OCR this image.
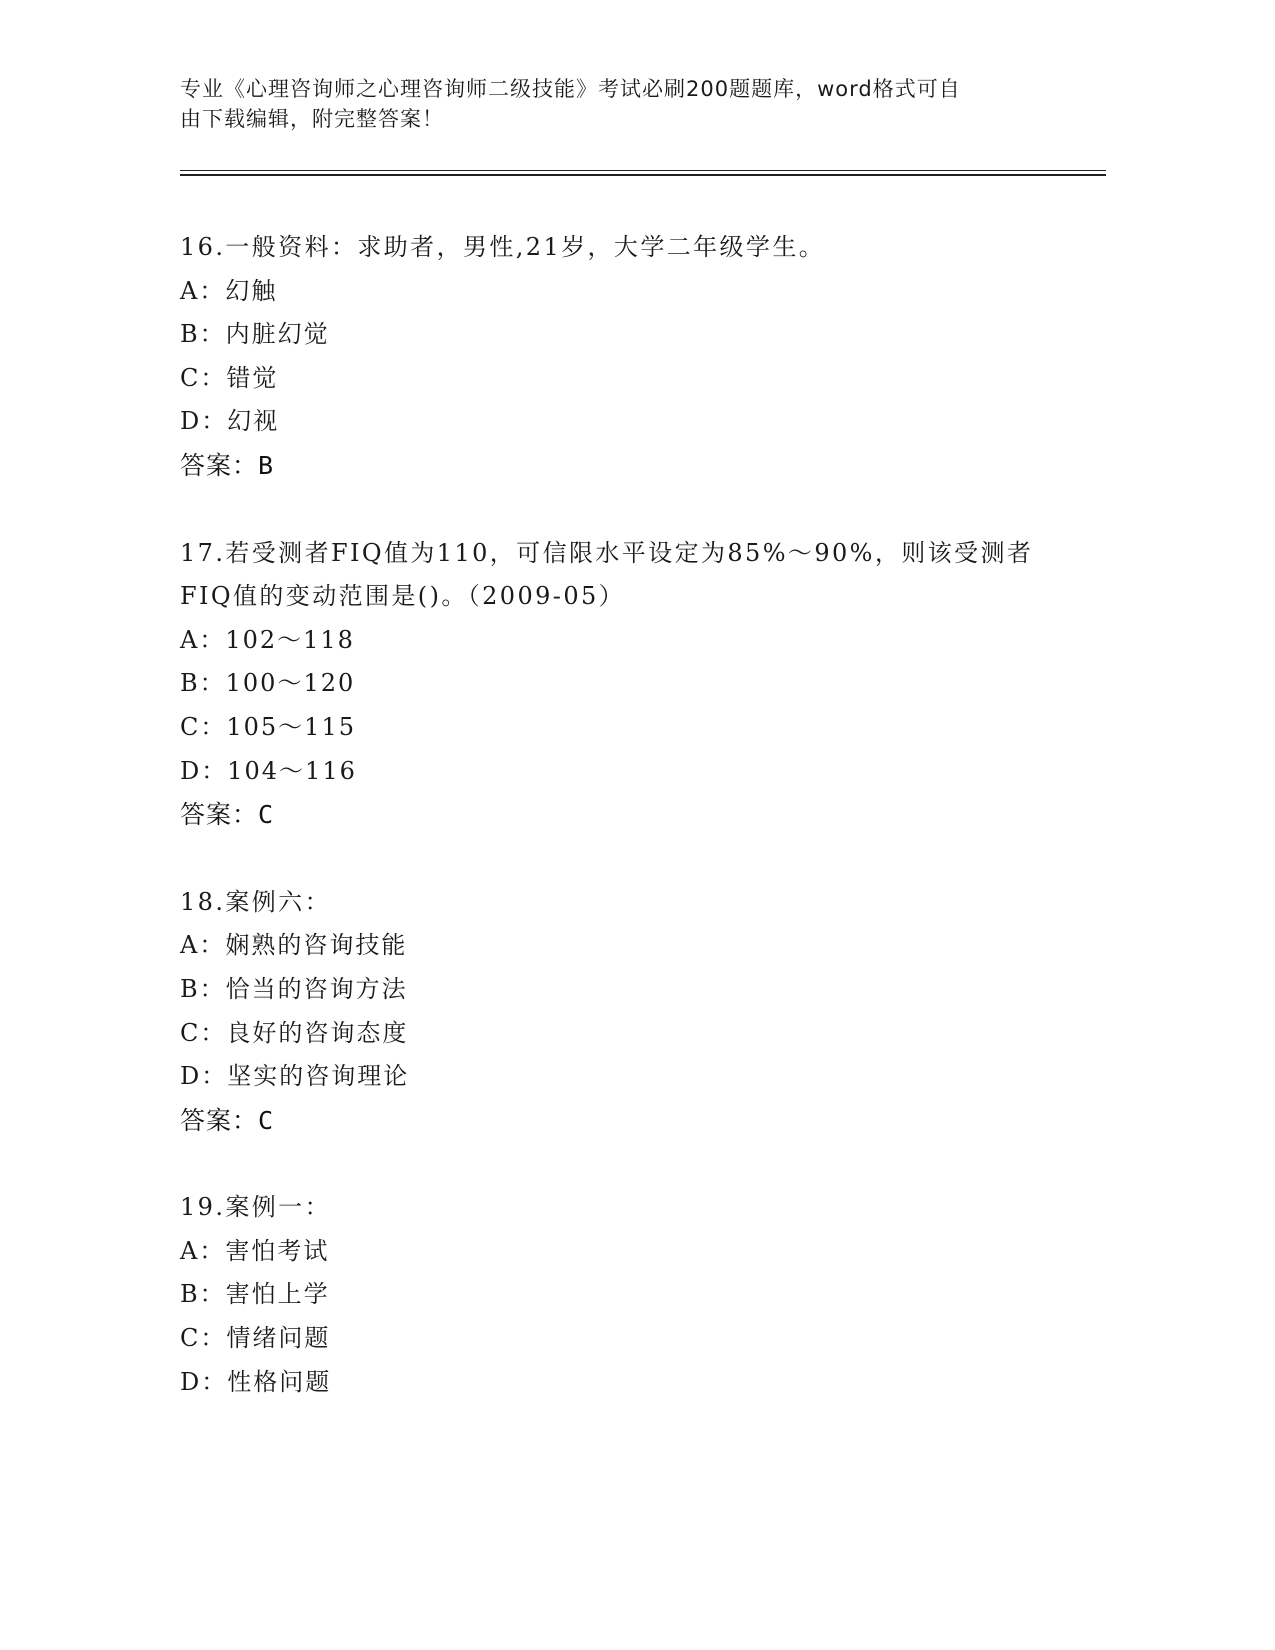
专业《心理咨询师之心理咨询师二级技能》考试必刷200题题库，word格式可自
由下载编辑，附完整答案！
16.一般资料：求助者，男性,21岁，大学二年级学生。
A：幻触
B：内脏幻觉
C：错觉
D：幻视
答案：B
17.若受测者FIQ值为110，可信限水平设定为85%～90%，则该受测者
FIQ值的变动范围是()。（2009-05）
A：102～118
B：100～120
C：105～115
D：104～116
答案：C
18.案例六：
A：娴熟的咨询技能
B：恰当的咨询方法
C：良好的咨询态度
D：坚实的咨询理论
答案：C
19.案例一：
A：害怕考试
B：害怕上学
C：情绪问题
D：性格问题
